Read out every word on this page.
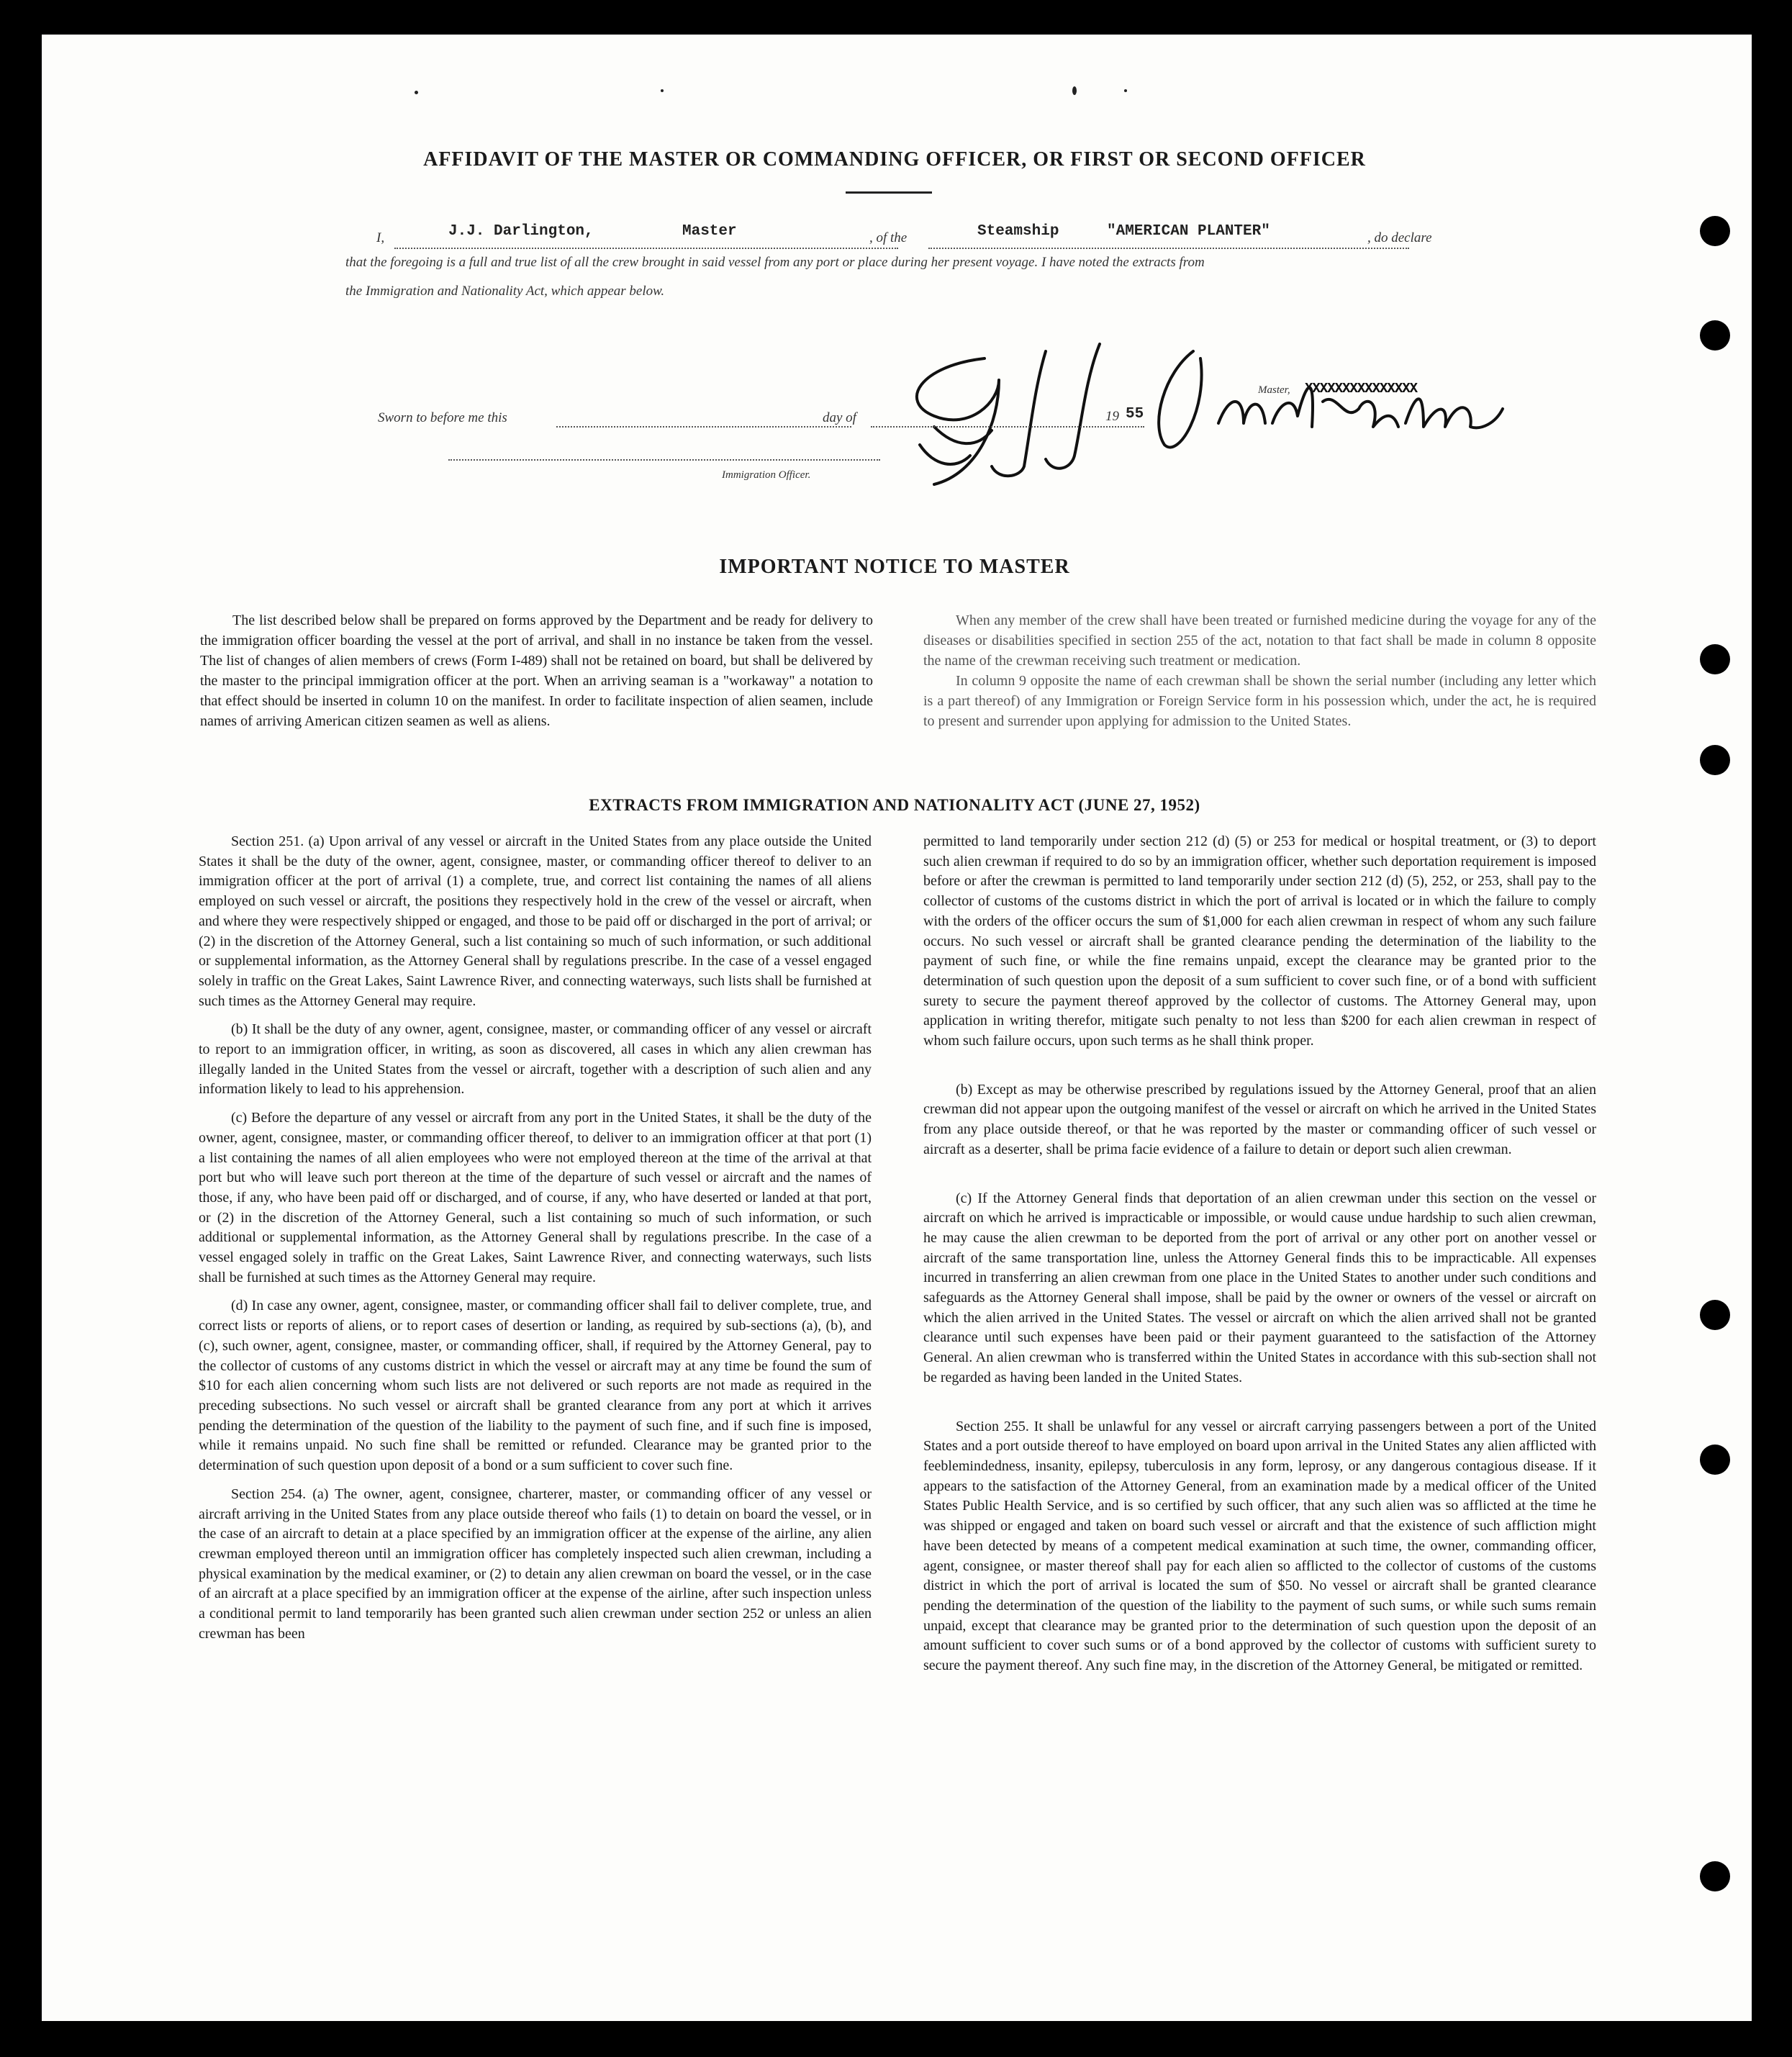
AFFIDAVIT OF THE MASTER OR COMMANDING OFFICER, OR FIRST OR SECOND OFFICER
I,	J.J. Darlington,	Master	, of the	Steamship	"AMERICAN PLANTER"	, do declare
that the foregoing is a full and true list of all the crew brought in said vessel from any port or place during her present voyage. I have noted the extracts from
the Immigration and Nationality Act, which appear below.
Master, XXXXXXXXXXXXXXX
Sworn to before me this	day of	19 55
Immigration Officer.
IMPORTANT NOTICE TO MASTER

The list described below shall be prepared on forms approved by the Department and be ready for delivery to the immigration officer boarding the vessel at the port of arrival, and shall in no instance be taken from the vessel. The list of changes of alien members of crews (Form I-489) shall not be retained on board, but shall be delivered by the master to the principal immigration officer at the port. When an arriving seaman is a "workaway" a notation to that effect should be inserted in column 10 on the manifest. In order to facilitate inspection of alien seamen, include names of arriving American citizen seamen as well as aliens.

When any member of the crew shall have been treated or furnished medicine during the voyage for any of the diseases or disabilities specified in section 255 of the act, notation to that fact shall be made in column 8 opposite the name of the crewman receiving such treatment or medication.

In column 9 opposite the name of each crewman shall be shown the serial number (including any letter which is a part thereof) of any Immigration or Foreign Service form in his possession which, under the act, he is required to present and surrender upon applying for admission to the United States.

EXTRACTS FROM IMMIGRATION AND NATIONALITY ACT (JUNE 27, 1952)

Section 251. (a) Upon arrival of any vessel or aircraft in the United States from any place outside the United States it shall be the duty of the owner, agent, consignee, master, or commanding officer thereof to deliver to an immigration officer at the port of arrival (1) a complete, true, and correct list containing the names of all aliens employed on such vessel or aircraft, the positions they respectively hold in the crew of the vessel or aircraft, when and where they were respectively shipped or engaged, and those to be paid off or discharged in the port of arrival; or (2) in the discretion of the Attorney General, such a list containing so much of such information, or such additional or supplemental information, as the Attorney General shall by regulations prescribe. In the case of a vessel engaged solely in traffic on the Great Lakes, Saint Lawrence River, and connecting waterways, such lists shall be furnished at such times as the Attorney General may require.

(b) It shall be the duty of any owner, agent, consignee, master, or commanding officer of any vessel or aircraft to report to an immigration officer, in writing, as soon as discovered, all cases in which any alien crewman has illegally landed in the United States from the vessel or aircraft, together with a description of such alien and any information likely to lead to his apprehension.

(c) Before the departure of any vessel or aircraft from any port in the United States, it shall be the duty of the owner, agent, consignee, master, or commanding officer thereof, to deliver to an immigration officer at that port (1) a list containing the names of all alien employees who were not employed thereon at the time of the arrival at that port but who will leave such port thereon at the time of the departure of such vessel or aircraft and the names of those, if any, who have been paid off or discharged, and of course, if any, who have deserted or landed at that port, or (2) in the discretion of the Attorney General, such a list containing so much of such information, or such additional or supplemental information, as the Attorney General shall by regulations prescribe. In the case of a vessel engaged solely in traffic on the Great Lakes, Saint Lawrence River, and connecting waterways, such lists shall be furnished at such times as the Attorney General may require.

(d) In case any owner, agent, consignee, master, or commanding officer shall fail to deliver complete, true, and correct lists or reports of aliens, or to report cases of desertion or landing, as required by sub-sections (a), (b), and (c), such owner, agent, consignee, master, or commanding officer, shall, if required by the Attorney General, pay to the collector of customs of any customs district in which the vessel or aircraft may at any time be found the sum of $10 for each alien concerning whom such lists are not delivered or such reports are not made as required in the preceding subsections. No such vessel or aircraft shall be granted clearance from any port at which it arrives pending the determination of the question of the liability to the payment of such fine, and if such fine is imposed, while it remains unpaid. No such fine shall be remitted or refunded. Clearance may be granted prior to the determination of such question upon deposit of a bond or a sum sufficient to cover such fine.

Section 254. (a) The owner, agent, consignee, charterer, master, or commanding officer of any vessel or aircraft arriving in the United States from any place outside thereof who fails (1) to detain on board the vessel, or in the case of an aircraft to detain at a place specified by an immigration officer at the expense of the airline, any alien crewman employed thereon until an immigration officer has completely inspected such alien crewman, including a physical examination by the medical examiner, or (2) to detain any alien crewman on board the vessel, or in the case of an aircraft at a place specified by an immigration officer at the expense of the airline, after such inspection unless a conditional permit to land temporarily has been granted such alien crewman under section 252 or unless an alien crewman has been

permitted to land temporarily under section 212 (d) (5) or 253 for medical or hospital treatment, or (3) to deport such alien crewman if required to do so by an immigration officer, whether such deportation requirement is imposed before or after the crewman is permitted to land temporarily under section 212 (d) (5), 252, or 253, shall pay to the collector of customs of the customs district in which the port of arrival is located or in which the failure to comply with the orders of the officer occurs the sum of $1,000 for each alien crewman in respect of whom any such failure occurs. No such vessel or aircraft shall be granted clearance pending the determination of the liability to the payment of such fine, or while the fine remains unpaid, except the clearance may be granted prior to the determination of such question upon the deposit of a sum sufficient to cover such fine, or of a bond with sufficient surety to secure the payment thereof approved by the collector of customs. The Attorney General may, upon application in writing therefor, mitigate such penalty to not less than $200 for each alien crewman in respect of whom such failure occurs, upon such terms as he shall think proper.

(b) Except as may be otherwise prescribed by regulations issued by the Attorney General, proof that an alien crewman did not appear upon the outgoing manifest of the vessel or aircraft on which he arrived in the United States from any place outside thereof, or that he was reported by the master or commanding officer of such vessel or aircraft as a deserter, shall be prima facie evidence of a failure to detain or deport such alien crewman.

(c) If the Attorney General finds that deportation of an alien crewman under this section on the vessel or aircraft on which he arrived is impracticable or impossible, or would cause undue hardship to such alien crewman, he may cause the alien crewman to be deported from the port of arrival or any other port on another vessel or aircraft of the same transportation line, unless the Attorney General finds this to be impracticable. All expenses incurred in transferring an alien crewman from one place in the United States to another under such conditions and safeguards as the Attorney General shall impose, shall be paid by the owner or owners of the vessel or aircraft on which the alien arrived in the United States. The vessel or aircraft on which the alien arrived shall not be granted clearance until such expenses have been paid or their payment guaranteed to the satisfaction of the Attorney General. An alien crewman who is transferred within the United States in accordance with this sub-section shall not be regarded as having been landed in the United States.

Section 255. It shall be unlawful for any vessel or aircraft carrying passengers between a port of the United States and a port outside thereof to have employed on board upon arrival in the United States any alien afflicted with feeblemindedness, insanity, epilepsy, tuberculosis in any form, leprosy, or any dangerous contagious disease. If it appears to the satisfaction of the Attorney General, from an examination made by a medical officer of the United States Public Health Service, and is so certified by such officer, that any such alien was so afflicted at the time he was shipped or engaged and taken on board such vessel or aircraft and that the existence of such affliction might have been detected by means of a competent medical examination at such time, the owner, commanding officer, agent, consignee, or master thereof shall pay for each alien so afflicted to the collector of customs of the customs district in which the port of arrival is located the sum of $50. No vessel or aircraft shall be granted clearance pending the determination of the question of the liability to the payment of such sums, or while such sums remain unpaid, except that clearance may be granted prior to the determination of such question upon the deposit of an amount sufficient to cover such sums or of a bond approved by the collector of customs with sufficient surety to secure the payment thereof. Any such fine may, in the discretion of the Attorney General, be mitigated or remitted.
